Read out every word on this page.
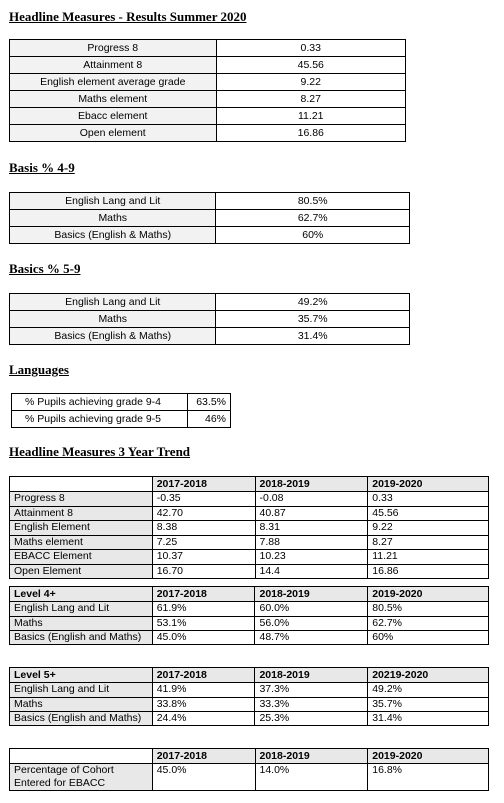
Headline Measures - Results Summer 2020
Progress 8	0.33
Attainment 8	45.56
English element average grade	9.22
Maths element	8.27
Ebacc element	11.21
Open element	16.86
Basis % 4-9
English Lang and Lit	80.5%
Maths	62.7%
Basics (English & Maths)	60%
Basics % 5-9
English Lang and Lit	49.2%
Maths	35.7%
Basics (English & Maths)	31.4%
Languages
% Pupils achieving grade 9-4	63.5%
% Pupils achieving grade 9-5	46%
Headline Measures 3 Year Trend
	2017-2018	2018-2019	2019-2020
Progress 8	-0.35	-0.08	0.33
Attainment 8	42.70	40.87	45.56
English Element	8.38	8.31	9.22
Maths element	7.25	7.88	8.27
EBACC Element	10.37	10.23	11.21
Open Element	16.70	14.4	16.86
Level 4+	2017-2018	2018-2019	2019-2020
English Lang and Lit	61.9%	60.0%	80.5%
Maths	53.1%	56.0%	62.7%
Basics (English and Maths)	45.0%	48.7%	60%
Level 5+	2017-2018	2018-2019	20219-2020
English Lang and Lit	41.9%	37.3%	49.2%
Maths	33.8%	33.3%	35.7%
Basics (English and Maths)	24.4%	25.3%	31.4%
	2017-2018	2018-2019	2019-2020
Percentage of Cohort Entered for EBACC	45.0%	14.0%	16.8%
